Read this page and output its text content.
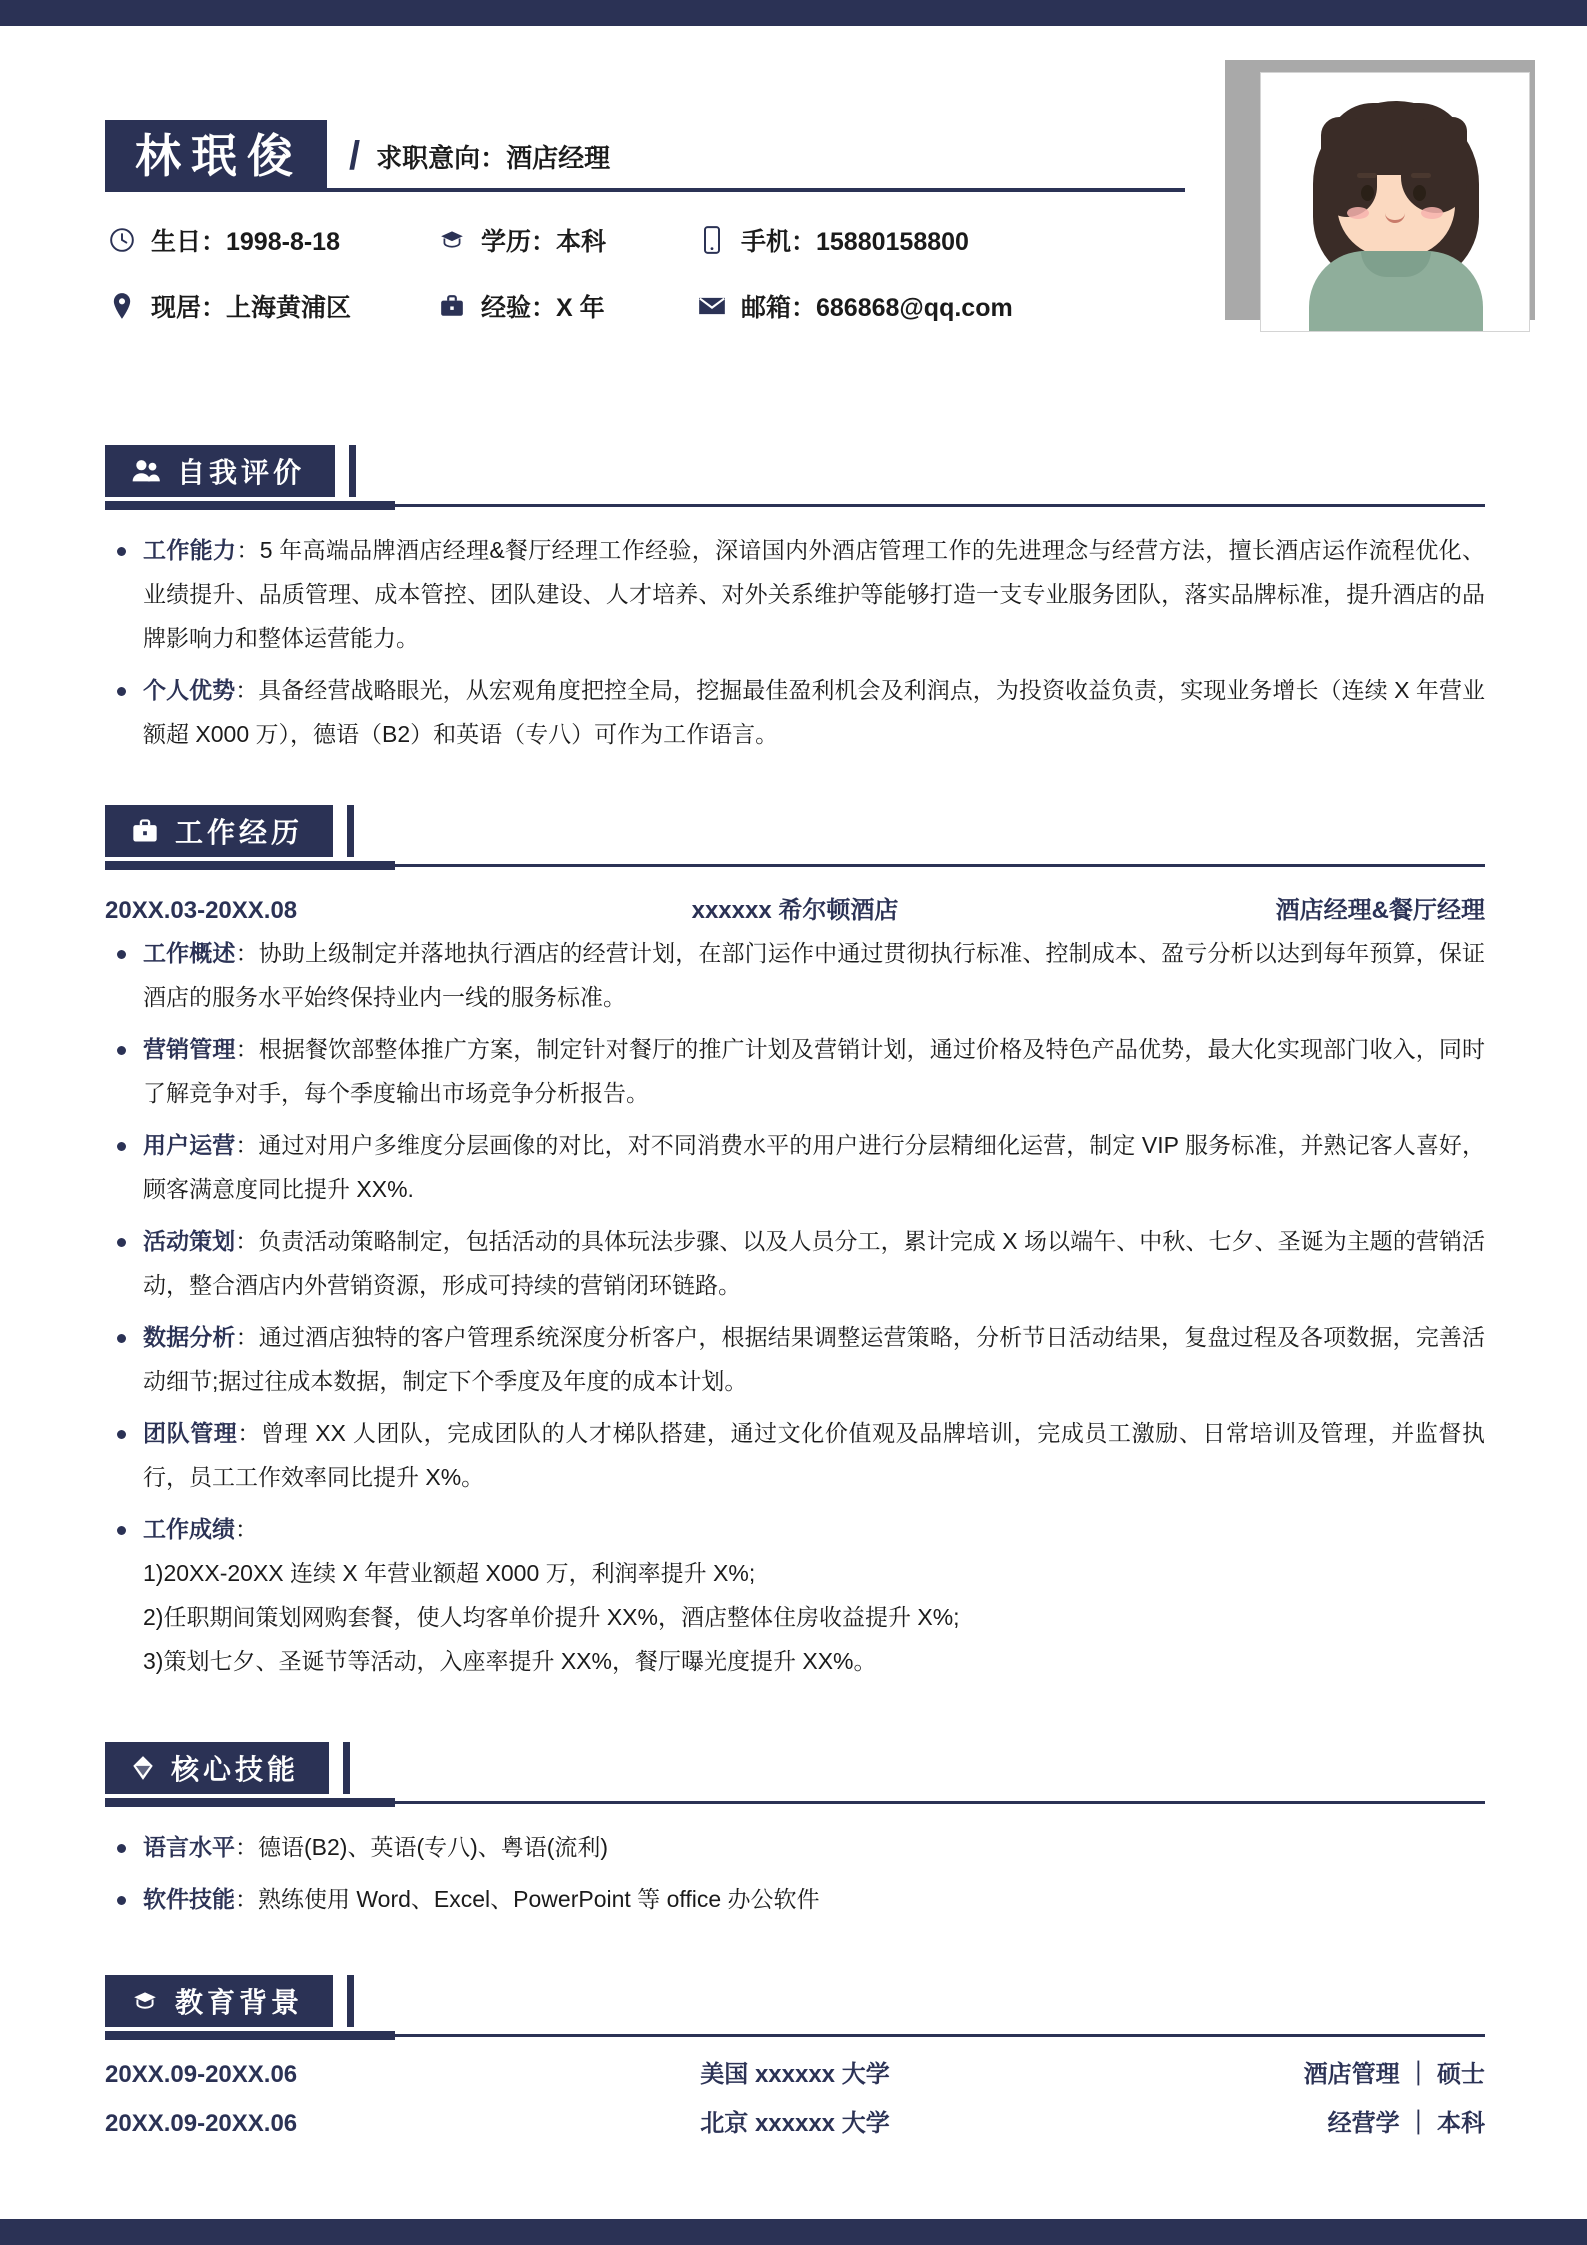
林珉俊	/ 求职意向：酒店经理
生日：1998-8-18	学历：本科	手机：15880158800
现居：上海黄浦区	经验：X 年	邮箱：686868@qq.com
自我评价

工作能力：5 年高端品牌酒店经理&餐厅经理工作经验，深谙国内外酒店管理工作的先进理念与经营方法，擅长酒店运作流程优化、业绩提升、品质管理、成本管控、团队建设、人才培养、对外关系维护等能够打造一支专业服务团队，落实品牌标准，提升酒店的品牌影响力和整体运营能力。
个人优势：具备经营战略眼光，从宏观角度把控全局，挖掘最佳盈利机会及利润点，为投资收益负责，实现业务增长（连续 X 年营业额超 X000 万），德语（B2）和英语（专八）可作为工作语言。
工作经历

20XX.03-20XX.08	xxxxxx 希尔顿酒店	酒店经理&餐厅经理
工作概述：协助上级制定并落地执行酒店的经营计划，在部门运作中通过贯彻执行标准、控制成本、盈亏分析以达到每年预算，保证酒店的服务水平始终保持业内一线的服务标准。
营销管理：根据餐饮部整体推广方案，制定针对餐厅的推广计划及营销计划，通过价格及特色产品优势，最大化实现部门收入，同时了解竞争对手，每个季度输出市场竞争分析报告。
用户运营：通过对用户多维度分层画像的对比，对不同消费水平的用户进行分层精细化运营，制定 VIP 服务标准，并熟记客人喜好，顾客满意度同比提升 XX%.
活动策划：负责活动策略制定，包括活动的具体玩法步骤、以及人员分工，累计完成 X 场以端午、中秋、七夕、圣诞为主题的营销活动，整合酒店内外营销资源，形成可持续的营销闭环链路。
数据分析：通过酒店独特的客户管理系统深度分析客户，根据结果调整运营策略，分析节日活动结果，复盘过程及各项数据，完善活动细节;据过往成本数据，制定下个季度及年度的成本计划。
团队管理：曾理 XX 人团队，完成团队的人才梯队搭建，通过文化价值观及品牌培训，完成员工激励、日常培训及管理，并监督执行，员工工作效率同比提升 X%。
工作成绩：
1)20XX-20XX 连续 X 年营业额超 X000 万，利润率提升 X%;
2)任职期间策划网购套餐，使人均客单价提升 XX%，酒店整体住房收益提升 X%;
3)策划七夕、圣诞节等活动，入座率提升 XX%，餐厅曝光度提升 XX%。
核心技能

语言水平：德语(B2)、英语(专八)、粤语(流利)
软件技能：熟练使用 Word、Excel、PowerPoint 等 office 办公软件
教育背景

20XX.09-20XX.06	美国 xxxxxx 大学	酒店管理 ｜ 硕士
20XX.09-20XX.06	北京 xxxxxx 大学	经营学 ｜ 本科
